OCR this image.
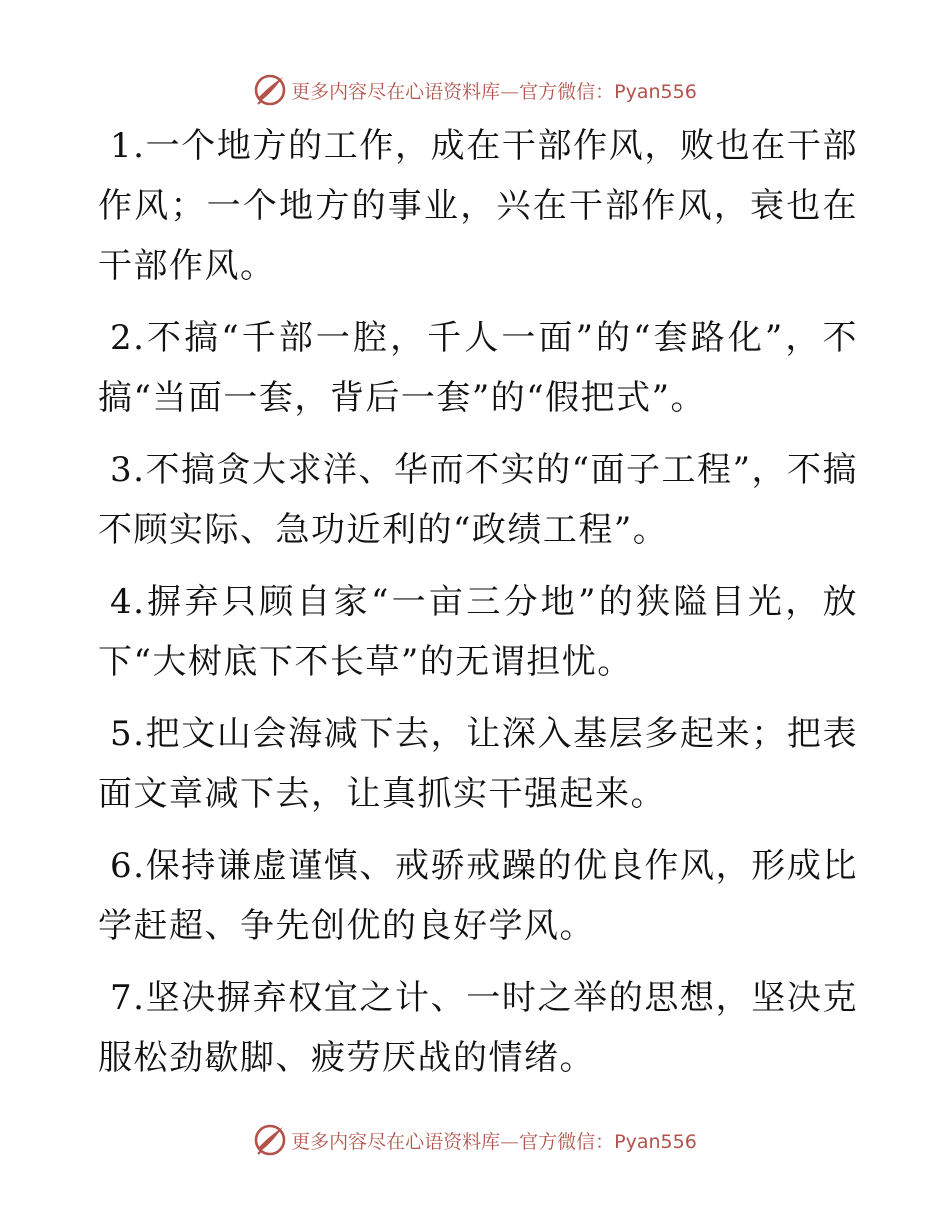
更多内容尽在心语资料库—官方微信：Pyan556

1.一个地方的工作，成在干部作风，败也在干部作风；一个地方的事业，兴在干部作风，衰也在干部作风。

2.不搞“千部一腔，千人一面”的“套路化”，不搞“当面一套，背后一套”的“假把式”。

3.不搞贪大求洋、华而不实的“面子工程”，不搞不顾实际、急功近利的“政绩工程”。

4.摒弃只顾自家“一亩三分地”的狭隘目光，放下“大树底下不长草”的无谓担忧。

5.把文山会海减下去，让深入基层多起来；把表面文章减下去，让真抓实干强起来。

6.保持谦虚谨慎、戒骄戒躁的优良作风，形成比学赶超、争先创优的良好学风。

7.坚决摒弃权宜之计、一时之举的思想，坚决克服松劲歇脚、疲劳厌战的情绪。

更多内容尽在心语资料库—官方微信：Pyan556
